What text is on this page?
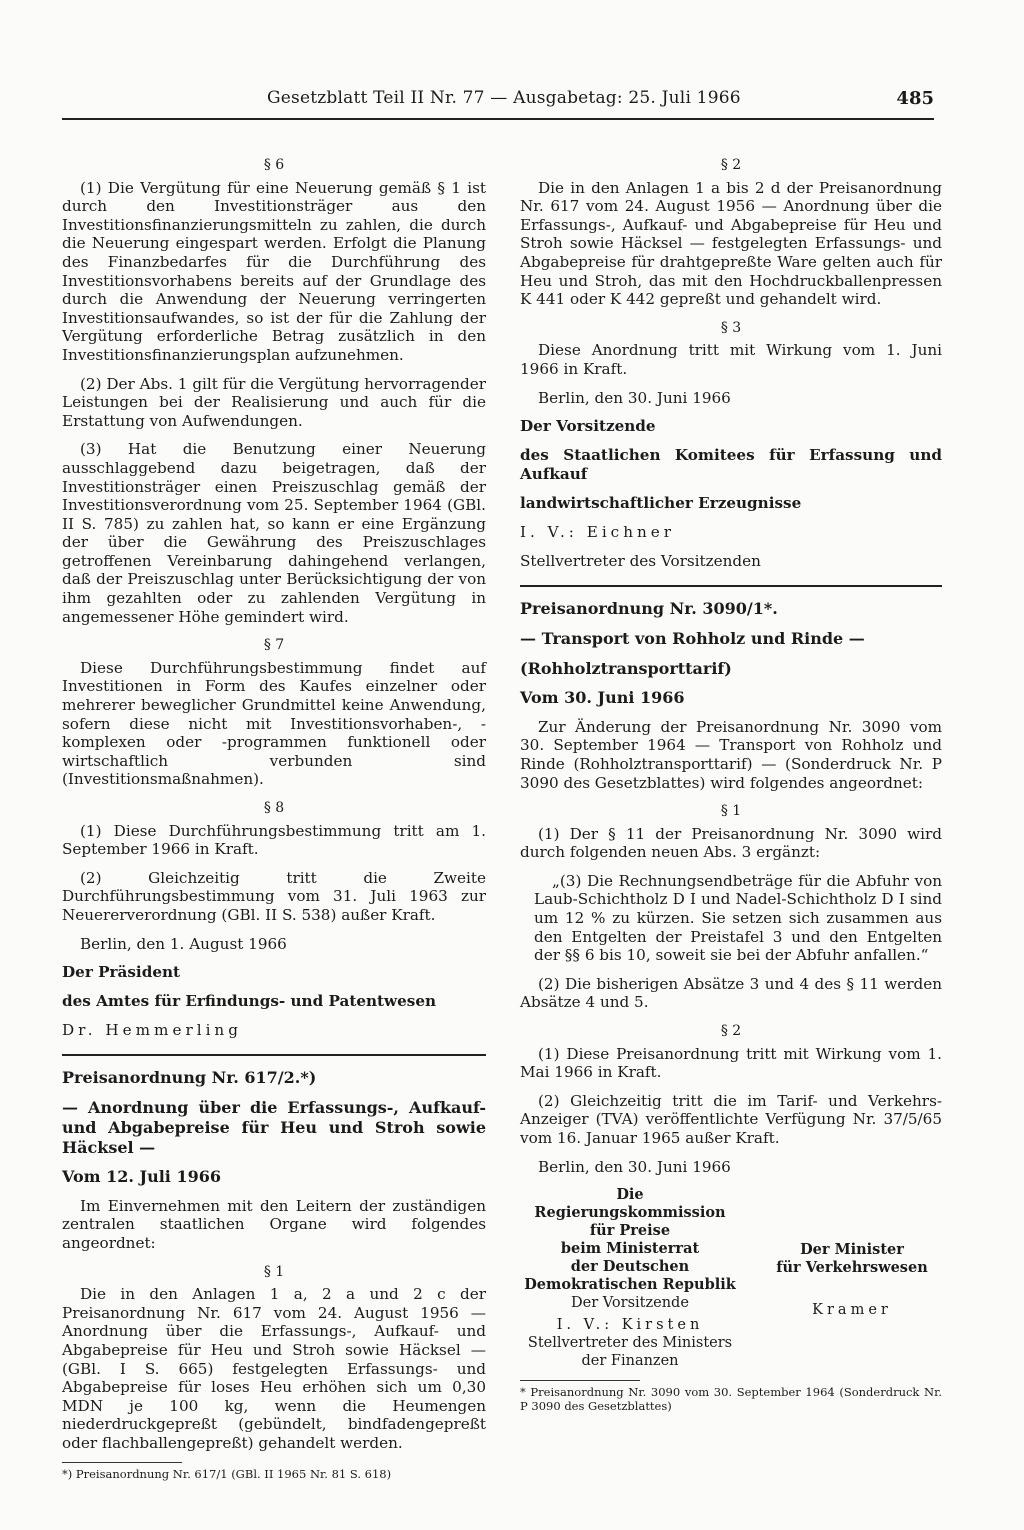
Gesetzblatt Teil II Nr. 77 — Ausgabetag: 25. Juli 1966	485
§ 6

(1) Die Vergütung für eine Neuerung gemäß § 1 ist durch den Investitionsträger aus den Investitionsfinanzierungsmitteln zu zahlen, die durch die Neuerung eingespart werden. Erfolgt die Planung des Finanzbedarfes für die Durchführung des Investitionsvorhabens bereits auf der Grundlage des durch die Anwendung der Neuerung verringerten Investitionsaufwandes, so ist der für die Zahlung der Vergütung erforderliche Betrag zusätzlich in den Investitionsfinanzierungsplan aufzunehmen.

(2) Der Abs. 1 gilt für die Vergütung hervorragender Leistungen bei der Realisierung und auch für die Erstattung von Aufwendungen.

(3) Hat die Benutzung einer Neuerung ausschlaggebend dazu beigetragen, daß der Investitionsträger einen Preiszuschlag gemäß der Investitionsverordnung vom 25. September 1964 (GBl. II S. 785) zu zahlen hat, so kann er eine Ergänzung der über die Gewährung des Preiszuschlages getroffenen Vereinbarung dahingehend verlangen, daß der Preiszuschlag unter Berücksichtigung der von ihm gezahlten oder zu zahlenden Vergütung in angemessener Höhe gemindert wird.

§ 7

Diese Durchführungsbestimmung findet auf Investitionen in Form des Kaufes einzelner oder mehrerer beweglicher Grundmittel keine Anwendung, sofern diese nicht mit Investitionsvorhaben-, -komplexen oder -programmen funktionell oder wirtschaftlich verbunden sind (Investitionsmaßnahmen).

§ 8

(1) Diese Durchführungsbestimmung tritt am 1. September 1966 in Kraft.

(2) Gleichzeitig tritt die Zweite Durchführungsbestimmung vom 31. Juli 1963 zur Neuererverordnung (GBl. II S. 538) außer Kraft.

Berlin, den 1. August 1966

Der Präsident

des Amtes für Erfindungs- und Patentwesen

Dr. Hemmerling

Preisanordnung Nr. 617/2.*)

— Anordnung über die Erfassungs-, Aufkauf- und Abgabepreise für Heu und Stroh sowie Häcksel —

Vom 12. Juli 1966

Im Einvernehmen mit den Leitern der zuständigen zentralen staatlichen Organe wird folgendes angeordnet:

§ 1

Die in den Anlagen 1 a, 2 a und 2 c der Preisanordnung Nr. 617 vom 24. August 1956 — Anordnung über die Erfassungs-, Aufkauf- und Abgabepreise für Heu und Stroh sowie Häcksel — (GBl. I S. 665) festgelegten Erfassungs- und Abgabepreise für loses Heu erhöhen sich um 0,30 MDN je 100 kg, wenn die Heumengen niederdruckgepreßt (gebündelt, bindfadengepreßt oder flachballengepreßt) gehandelt werden.

*) Preisanordnung Nr. 617/1 (GBl. II 1965 Nr. 81 S. 618)

§ 2

Die in den Anlagen 1 a bis 2 d der Preisanordnung Nr. 617 vom 24. August 1956 — Anordnung über die Erfassungs-, Aufkauf- und Abgabepreise für Heu und Stroh sowie Häcksel — festgelegten Erfassungs- und Abgabepreise für drahtgepreßte Ware gelten auch für Heu und Stroh, das mit den Hochdruckballenpressen K 441 oder K 442 gepreßt und gehandelt wird.

§ 3

Diese Anordnung tritt mit Wirkung vom 1. Juni 1966 in Kraft.

Berlin, den 30. Juni 1966

Der Vorsitzende

des Staatlichen Komitees für Erfassung und Aufkauf

landwirtschaftlicher Erzeugnisse

I. V.: Eichner

Stellvertreter des Vorsitzenden

Preisanordnung Nr. 3090/1*.

— Transport von Rohholz und Rinde —

(Rohholztransporttarif)

Vom 30. Juni 1966

Zur Änderung der Preisanordnung Nr. 3090 vom 30. September 1964 — Transport von Rohholz und Rinde (Rohholztransporttarif) — (Sonderdruck Nr. P 3090 des Gesetzblattes) wird folgendes angeordnet:

§ 1

(1) Der § 11 der Preisanordnung Nr. 3090 wird durch folgenden neuen Abs. 3 ergänzt:

„(3) Die Rechnungsendbeträge für die Abfuhr von Laub-Schichtholz D I und Nadel-Schichtholz D I sind um 12 % zu kürzen. Sie setzen sich zusammen aus den Entgelten der Preistafel 3 und den Entgelten der §§ 6 bis 10, soweit sie bei der Abfuhr anfallen.“

(2) Die bisherigen Absätze 3 und 4 des § 11 werden Absätze 4 und 5.

§ 2

(1) Diese Preisanordnung tritt mit Wirkung vom 1. Mai 1966 in Kraft.

(2) Gleichzeitig tritt die im Tarif- und Verkehrs-Anzeiger (TVA) veröffentlichte Verfügung Nr. 37/5/65 vom 16. Januar 1965 außer Kraft.

Berlin, den 30. Juni 1966

Die Regierungskommission
für Preise
beim Ministerrat
der Deutschen
Demokratischen Republik
Der Vorsitzende
I. V.: Kirsten
Stellvertreter des Ministers
der Finanzen
Der Minister
für Verkehrswesen
Kramer

* Preisanordnung Nr. 3090 vom 30. September 1964 (Sonderdruck Nr. P 3090 des Gesetzblattes)
